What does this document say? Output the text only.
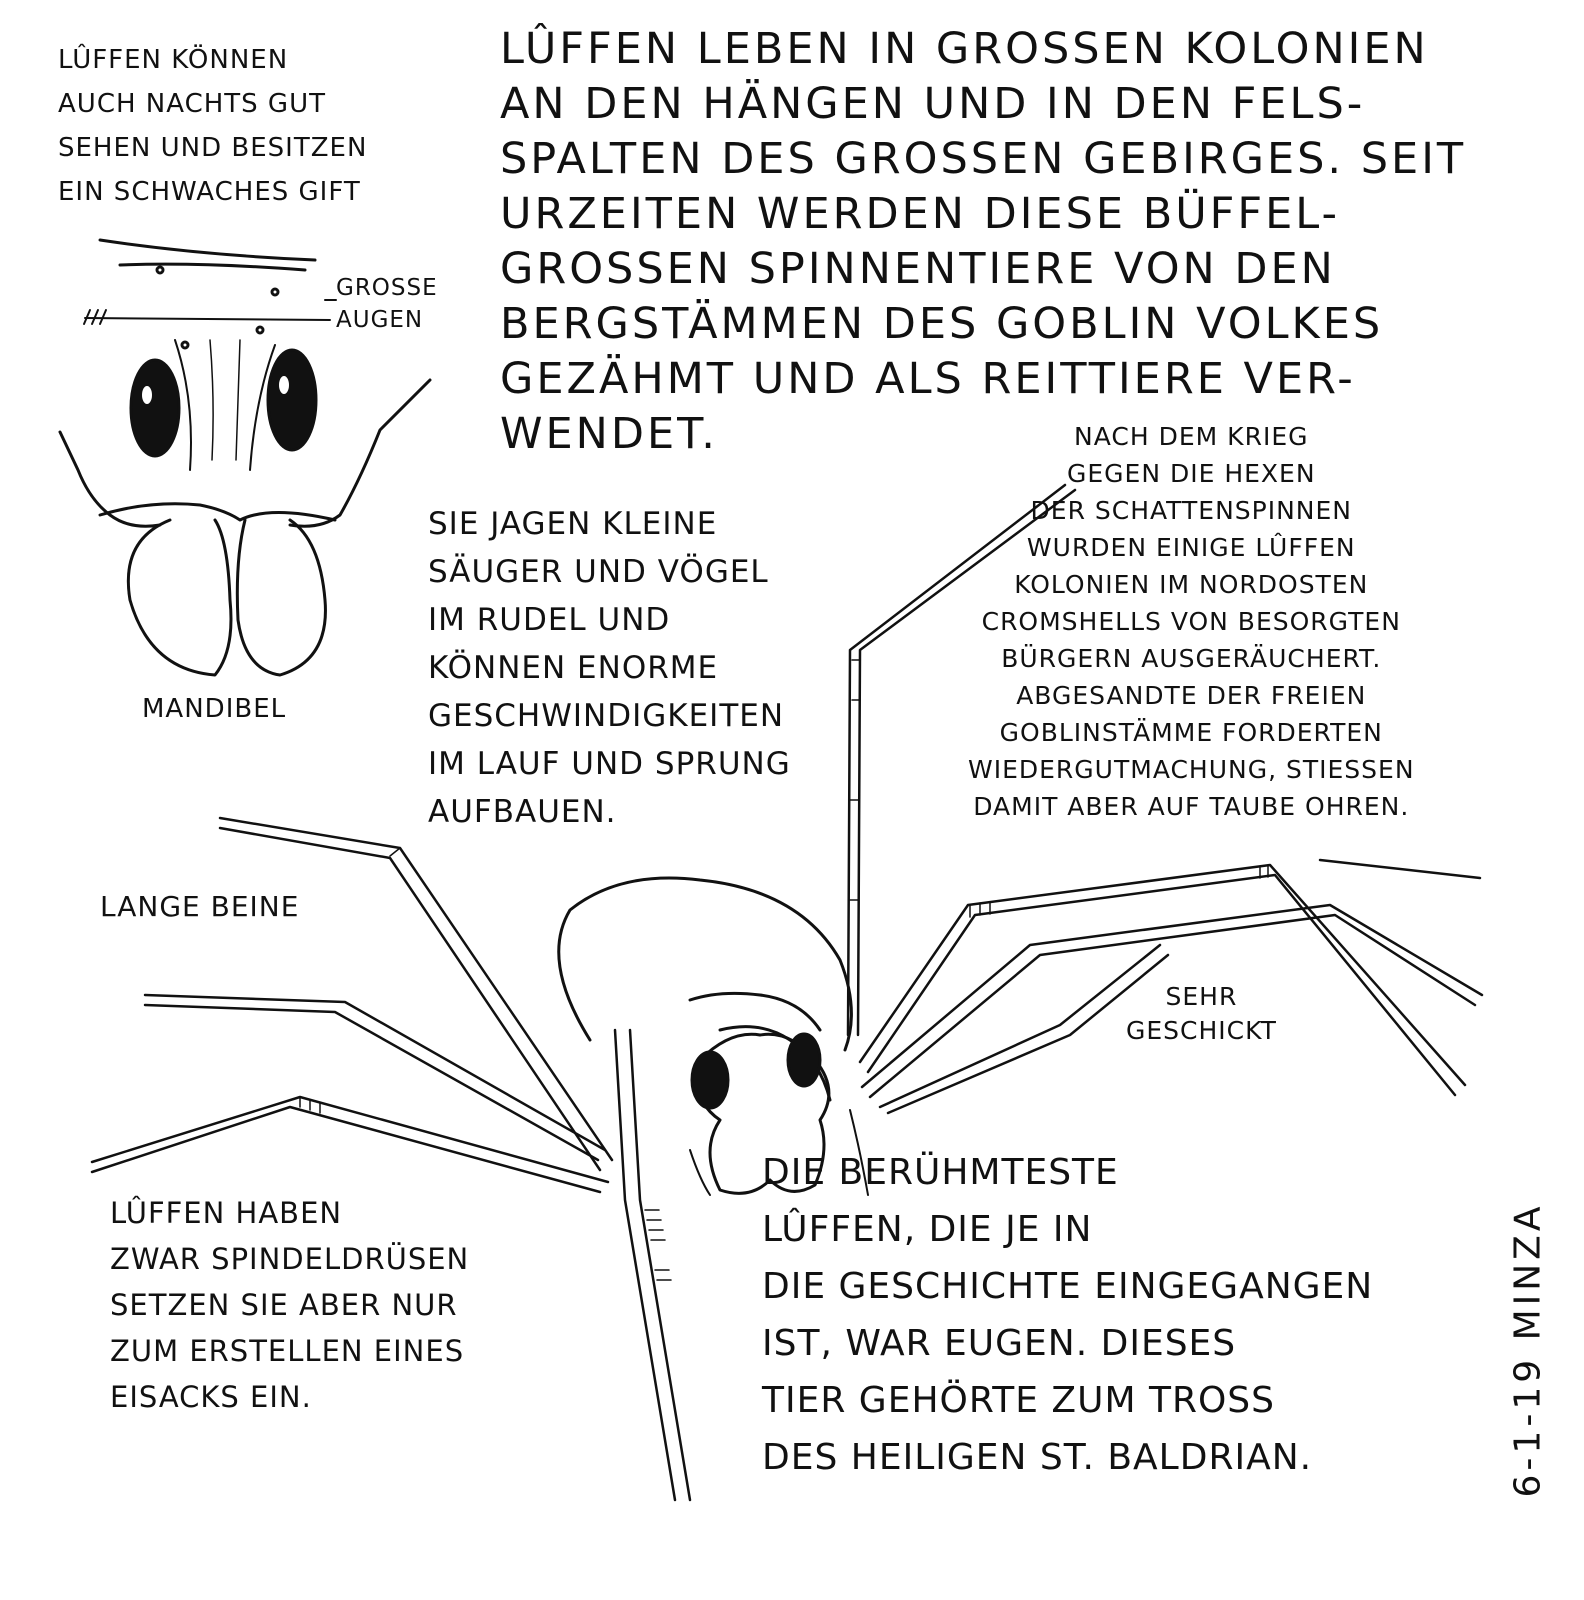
LÛFFEN KÖNNEN
AUCH NACHTS GUT
SEHEN UND BESITZEN
EIN SCHWACHES GIFT
LÛFFEN LEBEN IN GROSSEN KOLONIEN
AN DEN HÄNGEN UND IN DEN FELS-
SPALTEN DES GROSSEN GEBIRGES. SEIT
URZEITEN WERDEN DIESE BÜFFEL-
GROSSEN SPINNENTIERE VON DEN
BERGSTÄMMEN DES GOBLIN VOLKES
GEZÄHMT UND ALS REITTIERE VER-
WENDET.
GROSSE
AUGEN
MANDIBEL
SIE JAGEN KLEINE
SÄUGER UND VÖGEL
IM RUDEL UND
KÖNNEN ENORME
GESCHWINDIGKEITEN
IM LAUF UND SPRUNG
AUFBAUEN.
NACH DEM KRIEG
GEGEN DIE HEXEN
DER SCHATTENSPINNEN
WURDEN EINIGE LÛFFEN
KOLONIEN IM NORDOSTEN
CROMSHELLS VON BESORGTEN
BÜRGERN AUSGERÄUCHERT.
ABGESANDTE DER FREIEN
GOBLINSTÄMME FORDERTEN
WIEDERGUTMACHUNG, STIESSEN
DAMIT ABER AUF TAUBE OHREN.
LANGE BEINE
SEHR
GESCHICKT
LÛFFEN HABEN
ZWAR SPINDELDRÜSEN
SETZEN SIE ABER NUR
ZUM ERSTELLEN EINES
EISACKS EIN.
DIE BERÜHMTESTE
LÛFFEN, DIE JE IN
DIE GESCHICHTE EINGEGANGEN
IST, WAR EUGEN. DIESES
TIER GEHÖRTE ZUM TROSS
DES HEILIGEN ST. BALDRIAN.	6-1-19 MINZA
